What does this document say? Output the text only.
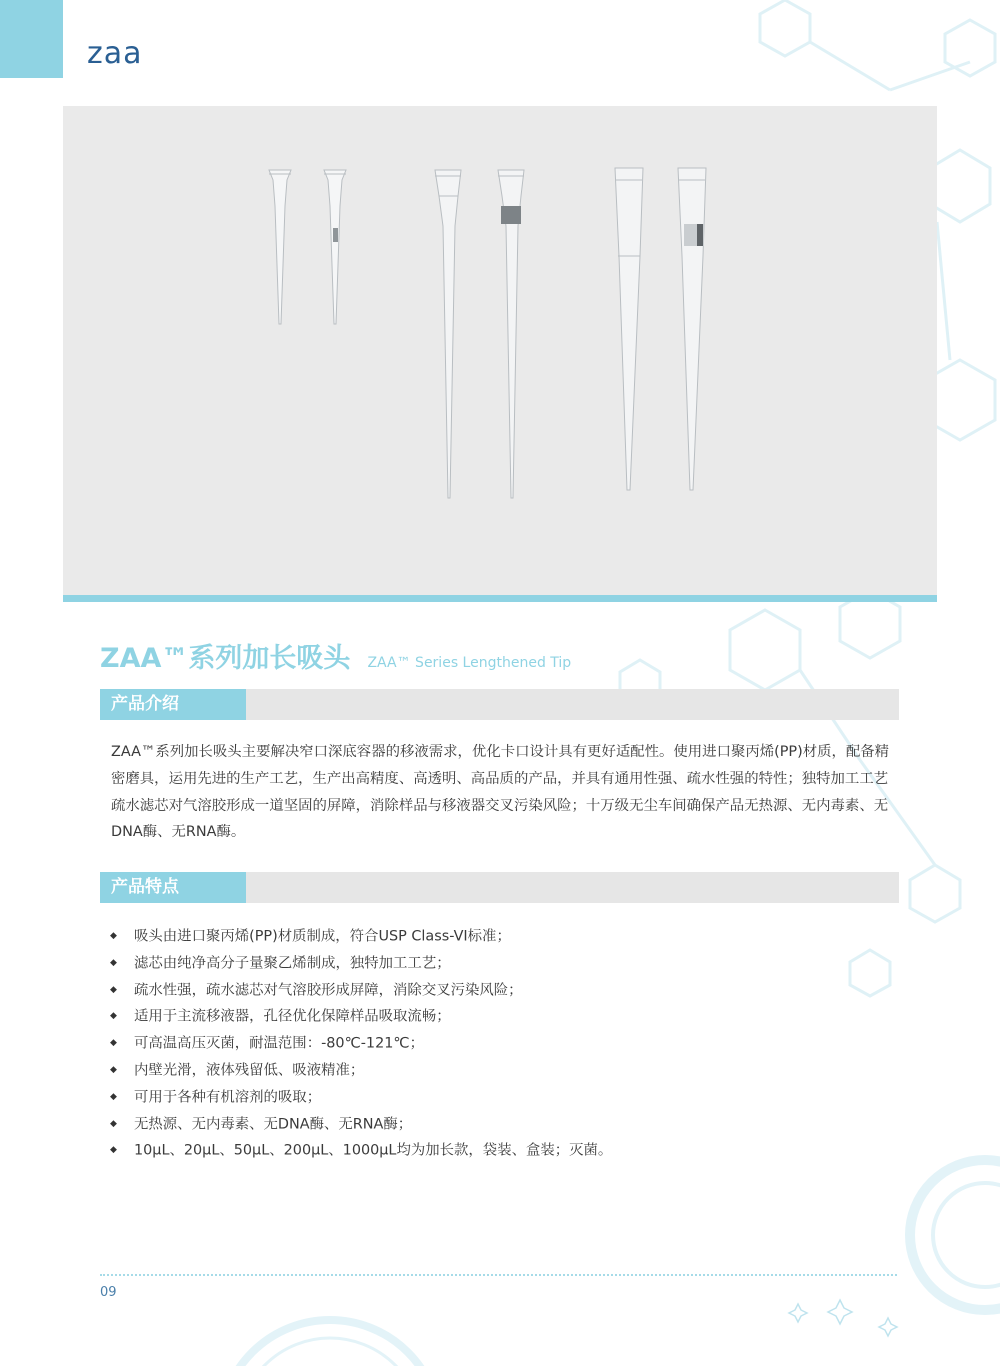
zaa
ZAA™系列加长吸头 ZAA™ Series Lengthened Tip
产品介绍

ZAA™系列加长吸头主要解决窄口深底容器的移液需求，优化卡口设计具有更好适配性。使用进口聚丙烯(PP)材质，配备精密磨具，运用先进的生产工艺，生产出高精度、高透明、高品质的产品，并具有通用性强、疏水性强的特性；独特加工工艺疏水滤芯对气溶胶形成一道坚固的屏障，消除样品与移液器交叉污染风险；十万级无尘车间确保产品无热源、无内毒素、无DNA酶、无RNA酶。

产品特点
◆ 吸头由进口聚丙烯(PP)材质制成，符合USP Class-VI标准；
◆ 滤芯由纯净高分子量聚乙烯制成，独特加工工艺；
◆ 疏水性强，疏水滤芯对气溶胶形成屏障，消除交叉污染风险；
◆ 适用于主流移液器，孔径优化保障样品吸取流畅；
◆ 可高温高压灭菌，耐温范围：-80℃-121℃；
◆ 内壁光滑，液体残留低、吸液精准；
◆ 可用于各种有机溶剂的吸取；
◆ 无热源、无内毒素、无DNA酶、无RNA酶；
◆ 10μL、20μL、50μL、200μL、1000μL均为加长款，袋装、盒装；灭菌。
09
